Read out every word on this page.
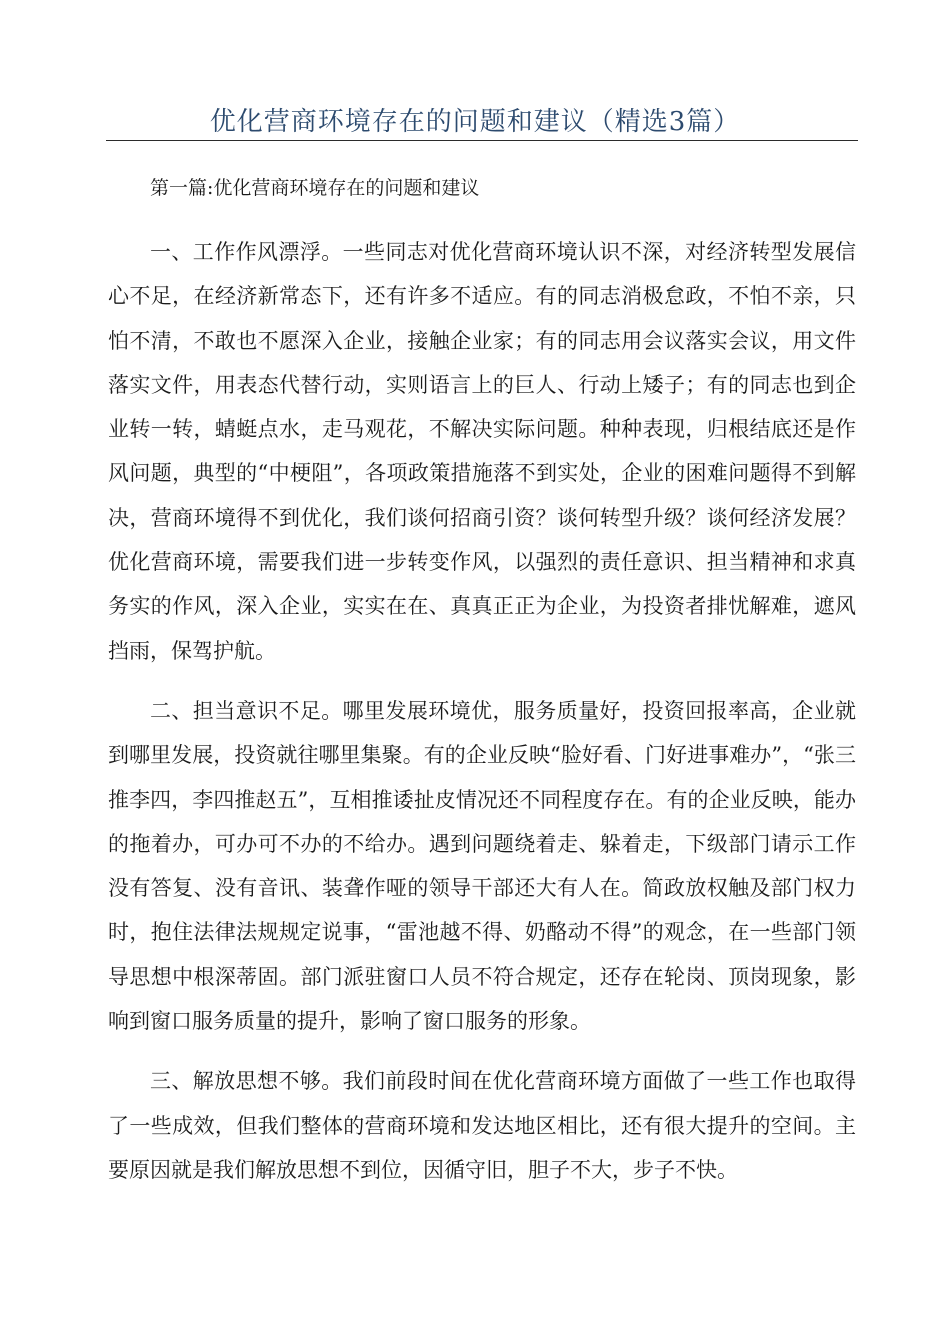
优化营商环境存在的问题和建议（精选3篇）
第一篇:优化营商环境存在的问题和建议

一、工作作风漂浮。一些同志对优化营商环境认识不深，对经济转型发展信心不足，在经济新常态下，还有许多不适应。有的同志消极怠政，不怕不亲，只怕不清，不敢也不愿深入企业，接触企业家；有的同志用会议落实会议，用文件落实文件，用表态代替行动，实则语言上的巨人、行动上矮子；有的同志也到企业转一转，蜻蜓点水，走马观花，不解决实际问题。种种表现，归根结底还是作风问题，典型的“中梗阻”，各项政策措施落不到实处，企业的困难问题得不到解决，营商环境得不到优化，我们谈何招商引资？谈何转型升级？谈何经济发展？优化营商环境，需要我们进一步转变作风，以强烈的责任意识、担当精神和求真务实的作风，深入企业，实实在在、真真正正为企业，为投资者排忧解难，遮风挡雨，保驾护航。

二、担当意识不足。哪里发展环境优，服务质量好，投资回报率高，企业就到哪里发展，投资就往哪里集聚。有的企业反映“脸好看、门好进事难办”，“张三推李四，李四推赵五”，互相推诿扯皮情况还不同程度存在。有的企业反映，能办的拖着办，可办可不办的不给办。遇到问题绕着走、躲着走，下级部门请示工作没有答复、没有音讯、装聋作哑的领导干部还大有人在。简政放权触及部门权力时，抱住法律法规规定说事，“雷池越不得、奶酪动不得”的观念，在一些部门领导思想中根深蒂固。部门派驻窗口人员不符合规定，还存在轮岗、顶岗现象，影响到窗口服务质量的提升，影响了窗口服务的形象。

三、解放思想不够。我们前段时间在优化营商环境方面做了一些工作也取得了一些成效，但我们整体的营商环境和发达地区相比，还有很大提升的空间。主要原因就是我们解放思想不到位，因循守旧，胆子不大，步子不快。
